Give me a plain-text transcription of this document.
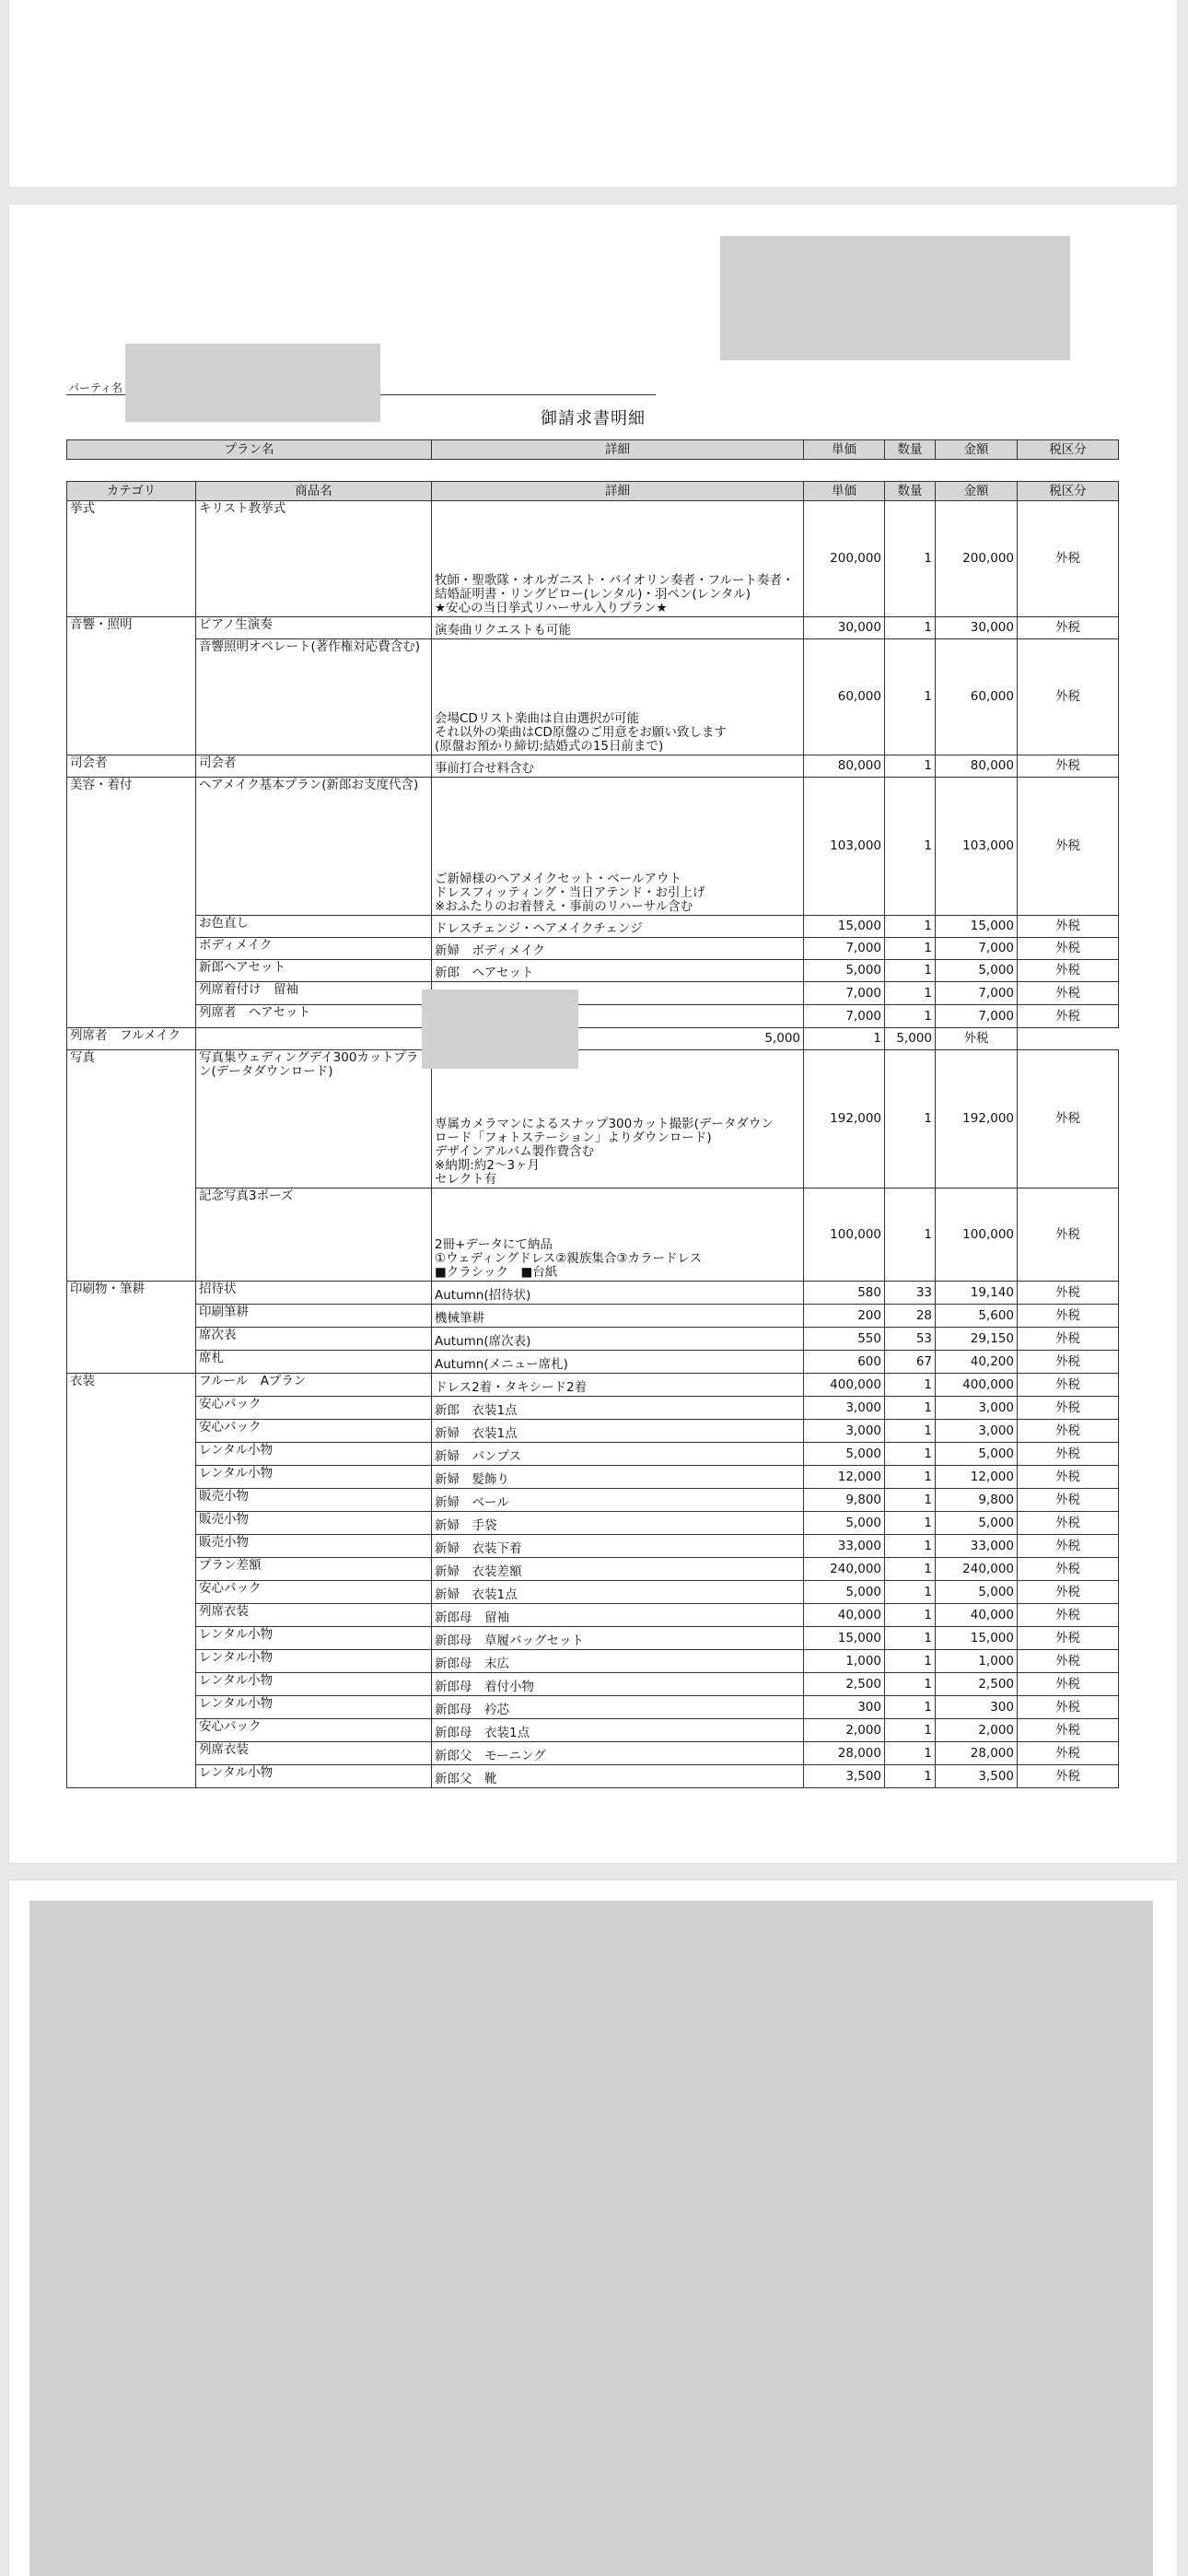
パーティ名
御請求書明細
プラン名	詳細	単価	数量	金額	税区分
カテゴリ	商品名	詳細	単価	数量	金額	税区分
挙式	キリスト教挙式	牧師・聖歌隊・オルガニスト・バイオリン奏者・フルート奏者・
結婚証明書・リングピロー(レンタル)・羽ペン(レンタル)
★安心の当日挙式リハーサル入りプラン★	200,000	1	200,000	外税
音響・照明	ピアノ生演奏	演奏曲リクエストも可能	30,000	1	30,000	外税
	音響照明オペレート(著作権対応費含む)	会場CDリスト楽曲は自由選択が可能
それ以外の楽曲はCD原盤のご用意をお願い致します
(原盤お預かり締切:結婚式の15日前まで)	60,000	1	60,000	外税
司会者	司会者	事前打合せ料含む	80,000	1	80,000	外税
美容・着付	ヘアメイク基本プラン(新郎お支度代含)	ご新婦様のヘアメイクセット・ベールアウト
ドレスフィッティング・当日アテンド・お引上げ
※おふたりのお着替え・事前のリハーサル含む	103,000	1	103,000	外税
	お色直し	ドレスチェンジ・ヘアメイクチェンジ	15,000	1	15,000	外税
	ボディメイク	新婦　ボディメイク	7,000	1	7,000	外税
	新郎ヘアセット	新郎　ヘアセット	5,000	1	5,000	外税
	列席着付け　留袖		7,000	1	7,000	外税
	列席者　ヘアセット		7,000	1	7,000	外税
列席者　フルメイク		5,000	1	5,000	外税	
写真	写真集ウェディングデイ300カットプラン(データダウンロード)	専属カメラマンによるスナップ300カット撮影(データダウン
ロード「フォトステーション」よりダウンロード)
デザインアルバム製作費含む
※納期:約2～3ヶ月
セレクト有	192,000	1	192,000	外税
	記念写真3ポーズ	2冊+データにて納品
①ウェディングドレス②親族集合③カラードレス
■クラシック　■台紙	100,000	1	100,000	外税
印刷物・筆耕	招待状	Autumn(招待状)	580	33	19,140	外税
	印刷筆耕	機械筆耕	200	28	5,600	外税
	席次表	Autumn(席次表)	550	53	29,150	外税
	席札	Autumn(メニュー席札)	600	67	40,200	外税
衣装	フルール　Aプラン	ドレス2着・タキシード2着	400,000	1	400,000	外税
	安心パック	新郎　衣装1点	3,000	1	3,000	外税
	安心パック	新婦　衣装1点	3,000	1	3,000	外税
	レンタル小物	新婦　パンプス	5,000	1	5,000	外税
	レンタル小物	新婦　髪飾り	12,000	1	12,000	外税
	販売小物	新婦　ベール	9,800	1	9,800	外税
	販売小物	新婦　手袋	5,000	1	5,000	外税
	販売小物	新婦　衣装下着	33,000	1	33,000	外税
	プラン差額	新婦　衣装差額	240,000	1	240,000	外税
	安心パック	新婦　衣装1点	5,000	1	5,000	外税
	列席衣装	新郎母　留袖	40,000	1	40,000	外税
	レンタル小物	新郎母　草履バッグセット	15,000	1	15,000	外税
	レンタル小物	新郎母　末広	1,000	1	1,000	外税
	レンタル小物	新郎母　着付小物	2,500	1	2,500	外税
	レンタル小物	新郎母　衿芯	300	1	300	外税
	安心パック	新郎母　衣装1点	2,000	1	2,000	外税
	列席衣装	新郎父　モーニング	28,000	1	28,000	外税
	レンタル小物	新郎父　靴	3,500	1	3,500	外税
